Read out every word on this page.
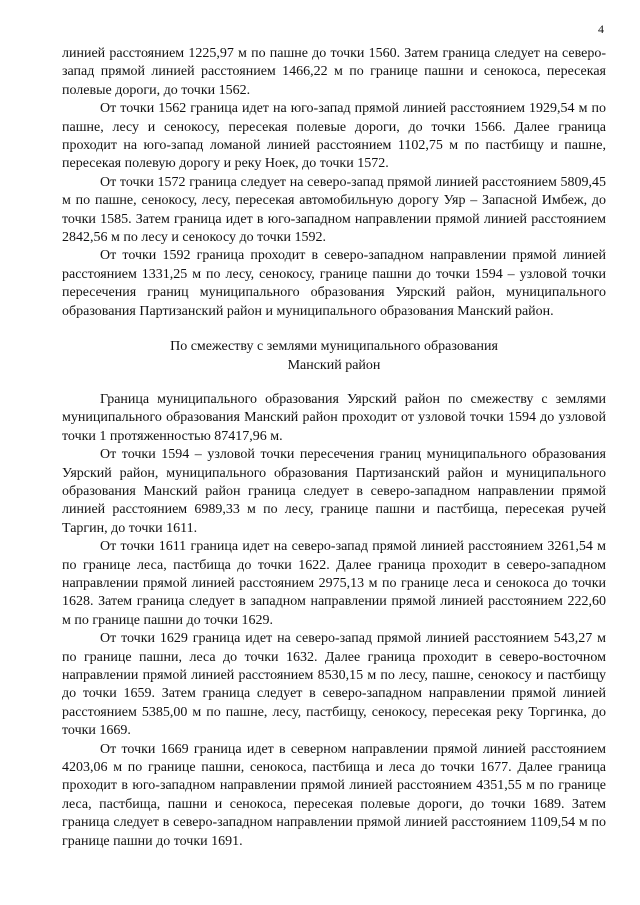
4

линией расстоянием 1225,97 м по пашне до точки 1560. Затем граница следует на северо-запад прямой линией расстоянием 1466,22 м по границе пашни и сенокоса, пересекая полевые дороги, до точки 1562.

От точки 1562 граница идет на юго-запад прямой линией расстоянием 1929,54 м по пашне, лесу и сенокосу, пересекая полевые дороги, до точки 1566. Далее граница проходит на юго-запад ломаной линией расстоянием 1102,75 м по пастбищу и пашне, пересекая полевую дорогу и реку Ноек, до точки 1572.

От точки 1572 граница следует на северо-запад прямой линией расстоянием 5809,45 м по пашне, сенокосу, лесу, пересекая автомобильную дорогу Уяр – Запасной Имбеж, до точки 1585. Затем граница идет в юго-западном направлении прямой линией расстоянием 2842,56 м по лесу и сенокосу до точки 1592.

От точки 1592 граница проходит в северо-западном направлении прямой линией расстоянием 1331,25 м по лесу, сенокосу, границе пашни до точки 1594 – узловой точки пересечения границ муниципального образования Уярский район, муниципального образования Партизанский район и муниципального образования Манский район.

По смежеству с землями муниципального образования
Манский район

Граница муниципального образования Уярский район по смежеству с землями муниципального образования Манский район проходит от узловой точки 1594 до узловой точки 1 протяженностью 87417,96 м.

От точки 1594 – узловой точки пересечения границ муниципального образования Уярский район, муниципального образования Партизанский район и муниципального образования Манский район граница следует в северо-западном направлении прямой линией расстоянием 6989,33 м по лесу, границе пашни и пастбища, пересекая ручей Таргин, до точки 1611.

От точки 1611 граница идет на северо-запад прямой линией расстоянием 3261,54 м по границе леса, пастбища до точки 1622. Далее граница проходит в северо-западном направлении прямой линией расстоянием 2975,13 м по границе леса и сенокоса до точки 1628. Затем граница следует в западном направлении прямой линией расстоянием 222,60 м по границе пашни до точки 1629.

От точки 1629 граница идет на северо-запад прямой линией расстоянием 543,27 м по границе пашни, леса до точки 1632. Далее граница проходит в северо-восточном направлении прямой линией расстоянием 8530,15 м по лесу, пашне, сенокосу и пастбищу до точки 1659. Затем граница следует в северо-западном направлении прямой линией расстоянием 5385,00 м по пашне, лесу, пастбищу, сенокосу, пересекая реку Торгинка, до точки 1669.

От точки 1669 граница идет в северном направлении прямой линией расстоянием 4203,06 м по границе пашни, сенокоса, пастбища и леса до точки 1677. Далее граница проходит в юго-западном направлении прямой линией расстоянием 4351,55 м по границе леса, пастбища, пашни и сенокоса, пересекая полевые дороги, до точки 1689. Затем граница следует в северо-западном направлении прямой линией расстоянием 1109,54 м по границе пашни до точки 1691.
